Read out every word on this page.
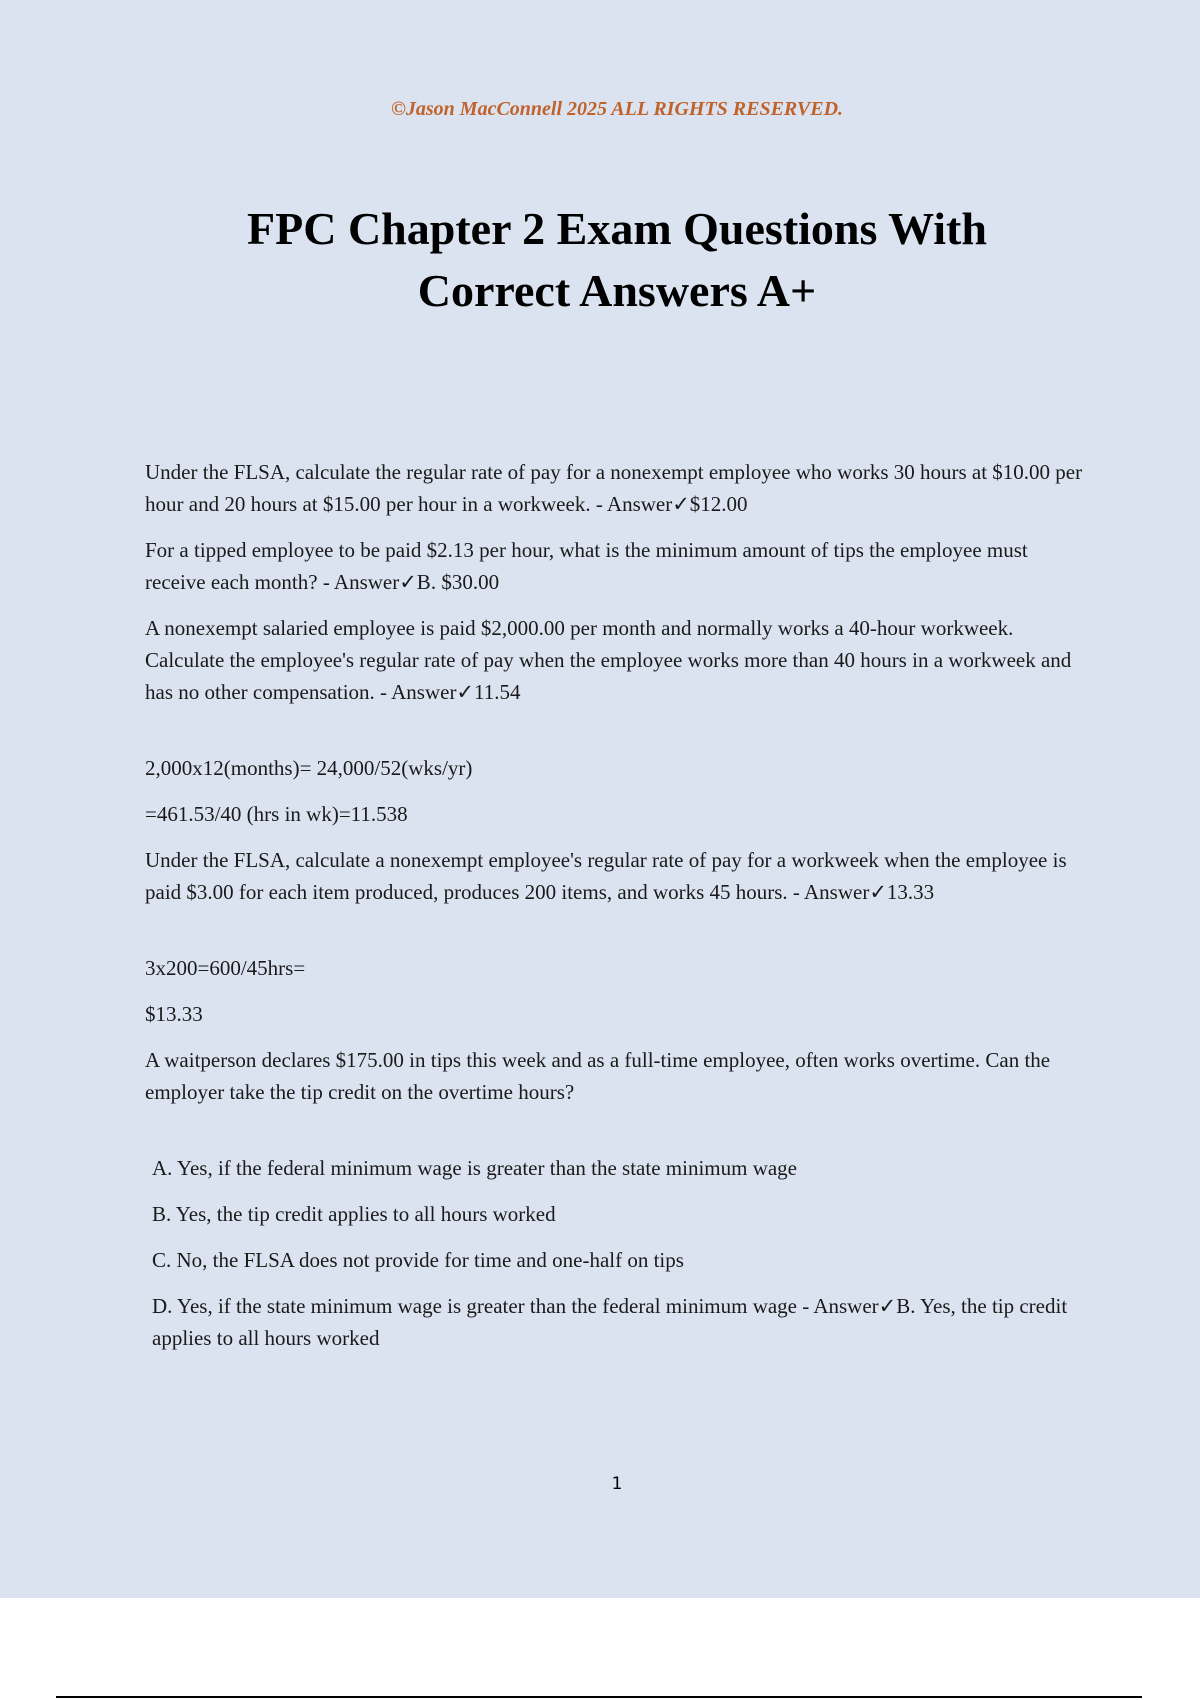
©Jason MacConnell 2025 ALL RIGHTS RESERVED.
FPC Chapter 2 Exam Questions With
Correct Answers A+

Under the FLSA, calculate the regular rate of pay for a nonexempt employee who works 30 hours at $10.00 per hour and 20 hours at $15.00 per hour in a workweek. - Answer✓$12.00

For a tipped employee to be paid $2.13 per hour, what is the minimum amount of tips the employee must receive each month? - Answer✓B. $30.00

A nonexempt salaried employee is paid $2,000.00 per month and normally works a 40-hour workweek. Calculate the employee's regular rate of pay when the employee works more than 40 hours in a workweek and has no other compensation. - Answer✓11.54

2,000x12(months)= 24,000/52(wks/yr)

=461.53/40 (hrs in wk)=11.538

Under the FLSA, calculate a nonexempt employee's regular rate of pay for a workweek when the employee is paid $3.00 for each item produced, produces 200 items, and works 45 hours. - Answer✓13.33

3x200=600/45hrs=

$13.33

A waitperson declares $175.00 in tips this week and as a full-time employee, often works overtime. Can the employer take the tip credit on the overtime hours?

A. Yes, if the federal minimum wage is greater than the state minimum wage

B. Yes, the tip credit applies to all hours worked

C. No, the FLSA does not provide for time and one-half on tips

D. Yes, if the state minimum wage is greater than the federal minimum wage - Answer✓B. Yes, the tip credit applies to all hours worked

1
